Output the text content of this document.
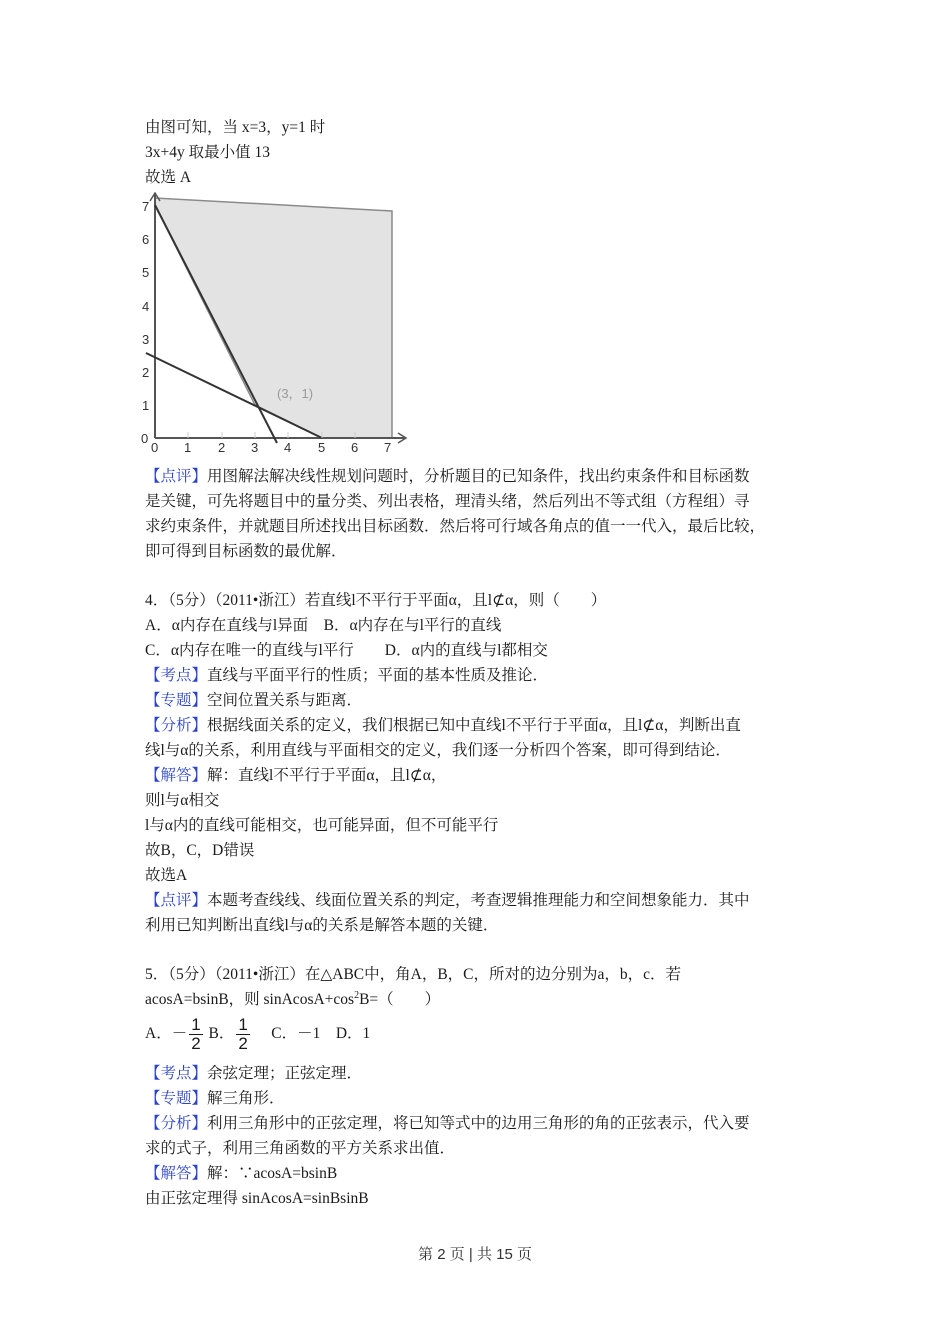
由图可知，当 x=3，y=1 时
3x+4y 取最小值 13
故选 A
0 1 2 3 4 5 6 7
0
1
2
3
4
5
6
7
(3，1)
【点评】用图解法解决线性规划问题时，分析题目的已知条件，找出约束条件和目标函数
是关键，可先将题目中的量分类、列出表格，理清头绪，然后列出不等式组（方程组）寻
求约束条件，并就题目所述找出目标函数．然后将可行域各角点的值一一代入，最后比较，
即可得到目标函数的最优解．
4．（5分）（2011•浙江）若直线l不平行于平面α，且l⊄α，则（　　）
A．α内存在直线与l异面　B．α内存在与l平行的直线
C．α内存在唯一的直线与l平行　　D．α内的直线与l都相交
【考点】直线与平面平行的性质；平面的基本性质及推论．
【专题】空间位置关系与距离．
【分析】根据线面关系的定义，我们根据已知中直线l不平行于平面α，且l⊄α，判断出直
线l与α的关系，利用直线与平面相交的定义，我们逐一分析四个答案，即可得到结论．
【解答】解：直线l不平行于平面α，且l⊄α，
则l与α相交
l与α内的直线可能相交，也可能异面，但不可能平行
故B，C，D错误
故选A
【点评】本题考查线线、线面位置关系的判定，考查逻辑推理能力和空间想象能力．其中
利用已知判断出直线l与α的关系是解答本题的关键．
5．（5分）（2011•浙江）在△ABC中，角A，B，C，所对的边分别为a，b，c．若
acosA=bsinB，则 $sinAcosA+\cos^2B=$（　　）
A．－ $\frac{1}{2}$ B． $\frac{1}{2}$ 　C．－1　D．1
【考点】余弦定理；正弦定理．
【专题】解三角形．
【分析】利用三角形中的正弦定理，将已知等式中的边用三角形的角的正弦表示，代入要
求的式子，利用三角函数的平方关系求出值．
【解答】解：∵acosA=bsinB
由正弦定理得 sinAcosA=sinBsinB
第 2 页 | 共 15 页
